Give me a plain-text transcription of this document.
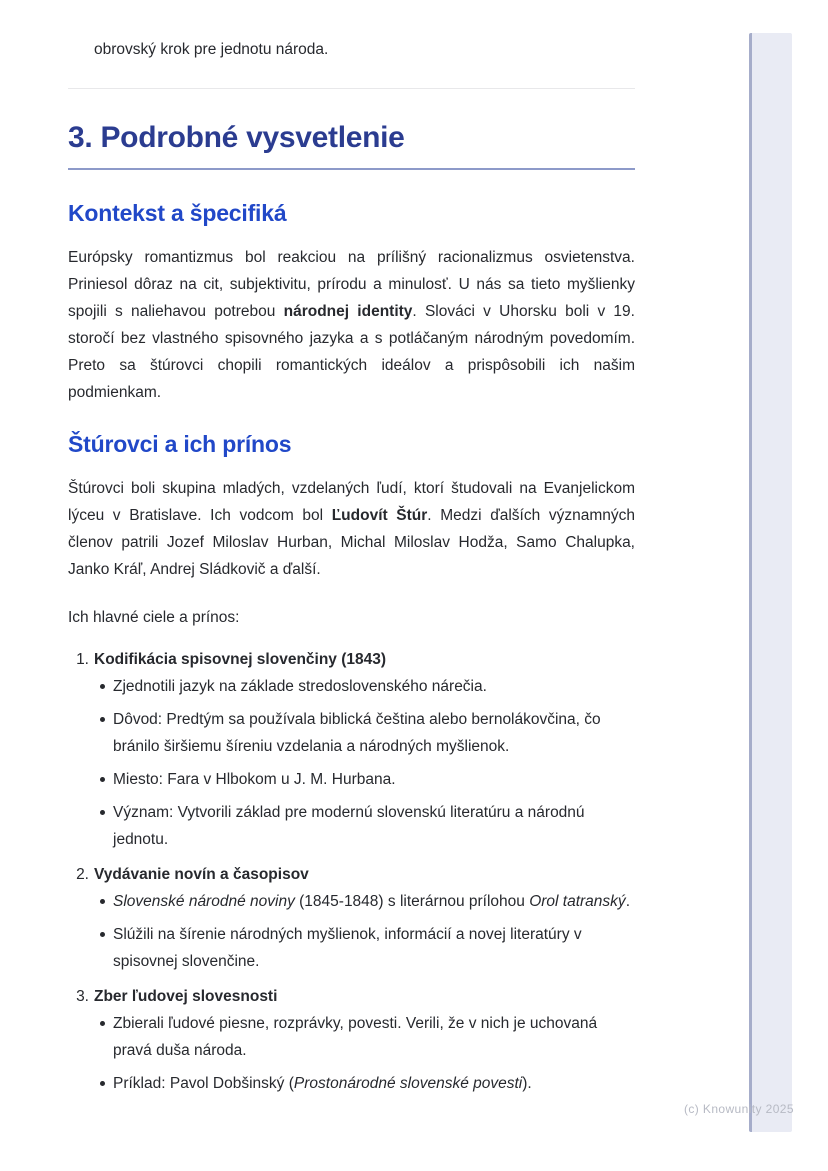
obrovský krok pre jednotu národa.

3. Podrobné vysvetlenie
Kontekst a špecifiká

Európsky romantizmus bol reakciou na prílišný racionalizmus osvietenstva. Priniesol dôraz na cit, subjektivitu, prírodu a minulosť. U nás sa tieto myšlienky spojili s naliehavou potrebou národnej identity. Slováci v Uhorsku boli v 19. storočí bez vlastného spisovného jazyka a s potláčaným národným povedomím. Preto sa štúrovci chopili romantických ideálov a prispôsobili ich našim podmienkam.

Štúrovci a ich prínos

Štúrovci boli skupina mladých, vzdelaných ľudí, ktorí študovali na Evanjelickom lýceu v Bratislave. Ich vodcom bol Ľudovít Štúr. Medzi ďalších významných členov patrili Jozef Miloslav Hurban, Michal Miloslav Hodža, Samo Chalupka, Janko Kráľ, Andrej Sládkovič a ďalší.

Ich hlavné ciele a prínos:

1. Kodifikácia spisovnej slovenčiny (1843)
Zjednotili jazyk na základe stredoslovenského nárečia.
Dôvod: Predtým sa používala biblická čeština alebo bernolákovčina, čo bránilo širšiemu šíreniu vzdelania a národných myšlienok.
Miesto: Fara v Hlbokom u J. M. Hurbana.
Význam: Vytvorili základ pre modernú slovenskú literatúru a národnú jednotu.
2. Vydávanie novín a časopisov
Slovenské národné noviny (1845-1848) s literárnou prílohou Orol tatranský.
Slúžili na šírenie národných myšlienok, informácií a novej literatúry v spisovnej slovenčine.
3. Zber ľudovej slovesnosti
Zbierali ľudové piesne, rozprávky, povesti. Verili, že v nich je uchovaná pravá duša národa.
Príklad: Pavol Dobšinský (Prostonárodné slovenské povesti).
(c) Knowunity 2025
